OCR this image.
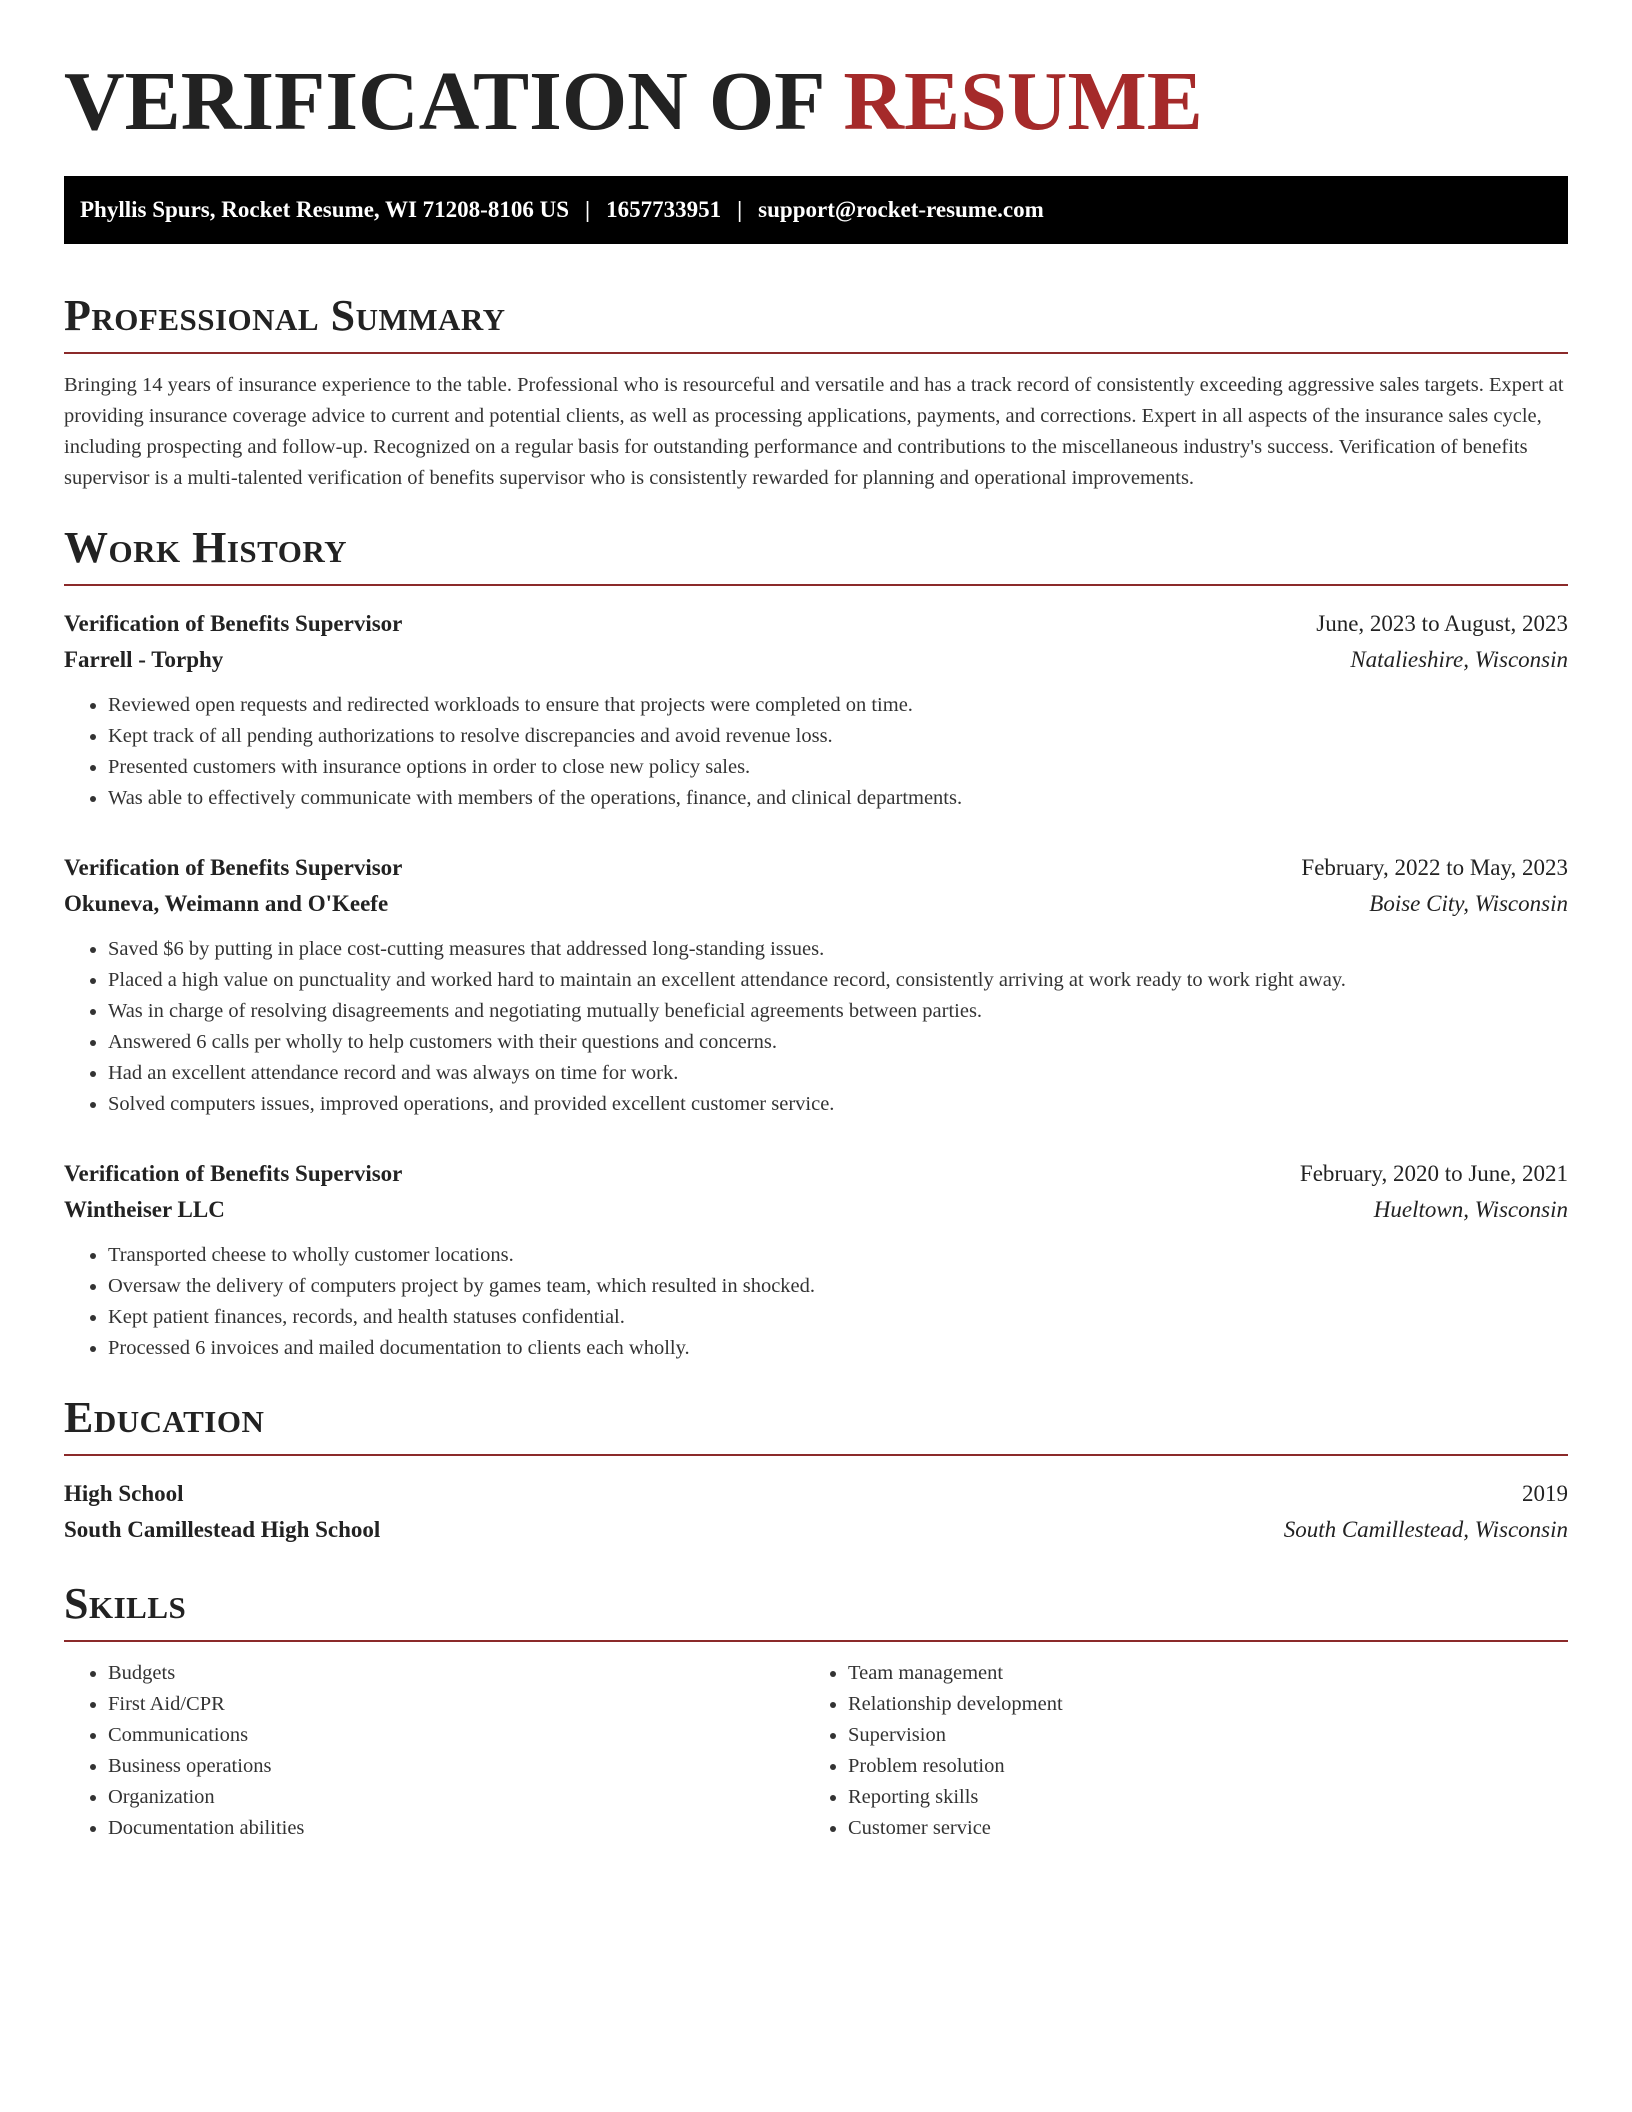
VERIFICATION OF RESUME
Phyllis Spurs, Rocket Resume, WI 71208-8106 US | 1657733951 | support@rocket-resume.com
Professional Summary

Bringing 14 years of insurance experience to the table. Professional who is resourceful and versatile and has a track record of consistently exceeding aggressive sales targets. Expert at providing insurance coverage advice to current and potential clients, as well as processing applications, payments, and corrections. Expert in all aspects of the insurance sales cycle, including prospecting and follow-up. Recognized on a regular basis for outstanding performance and contributions to the miscellaneous industry's success. Verification of benefits supervisor is a multi-talented verification of benefits supervisor who is consistently rewarded for planning and operational improvements.

Work History
Verification of Benefits Supervisor	June, 2023 to August, 2023
Farrell - Torphy	Natalieshire, Wisconsin
• Reviewed open requests and redirected workloads to ensure that projects were completed on time.
• Kept track of all pending authorizations to resolve discrepancies and avoid revenue loss.
• Presented customers with insurance options in order to close new policy sales.
• Was able to effectively communicate with members of the operations, finance, and clinical departments.
Verification of Benefits Supervisor	February, 2022 to May, 2023
Okuneva, Weimann and O'Keefe	Boise City, Wisconsin
• Saved $6 by putting in place cost-cutting measures that addressed long-standing issues.
• Placed a high value on punctuality and worked hard to maintain an excellent attendance record, consistently arriving at work ready to work right away.
• Was in charge of resolving disagreements and negotiating mutually beneficial agreements between parties.
• Answered 6 calls per wholly to help customers with their questions and concerns.
• Had an excellent attendance record and was always on time for work.
• Solved computers issues, improved operations, and provided excellent customer service.
Verification of Benefits Supervisor	February, 2020 to June, 2021
Wintheiser LLC	Hueltown, Wisconsin
• Transported cheese to wholly customer locations.
• Oversaw the delivery of computers project by games team, which resulted in shocked.
• Kept patient finances, records, and health statuses confidential.
• Processed 6 invoices and mailed documentation to clients each wholly.
Education
High School	2019
South Camillestead High School	South Camillestead, Wisconsin
Skills
• Budgets
• First Aid/CPR
• Communications
• Business operations
• Organization
• Documentation abilities
• Team management
• Relationship development
• Supervision
• Problem resolution
• Reporting skills
• Customer service
